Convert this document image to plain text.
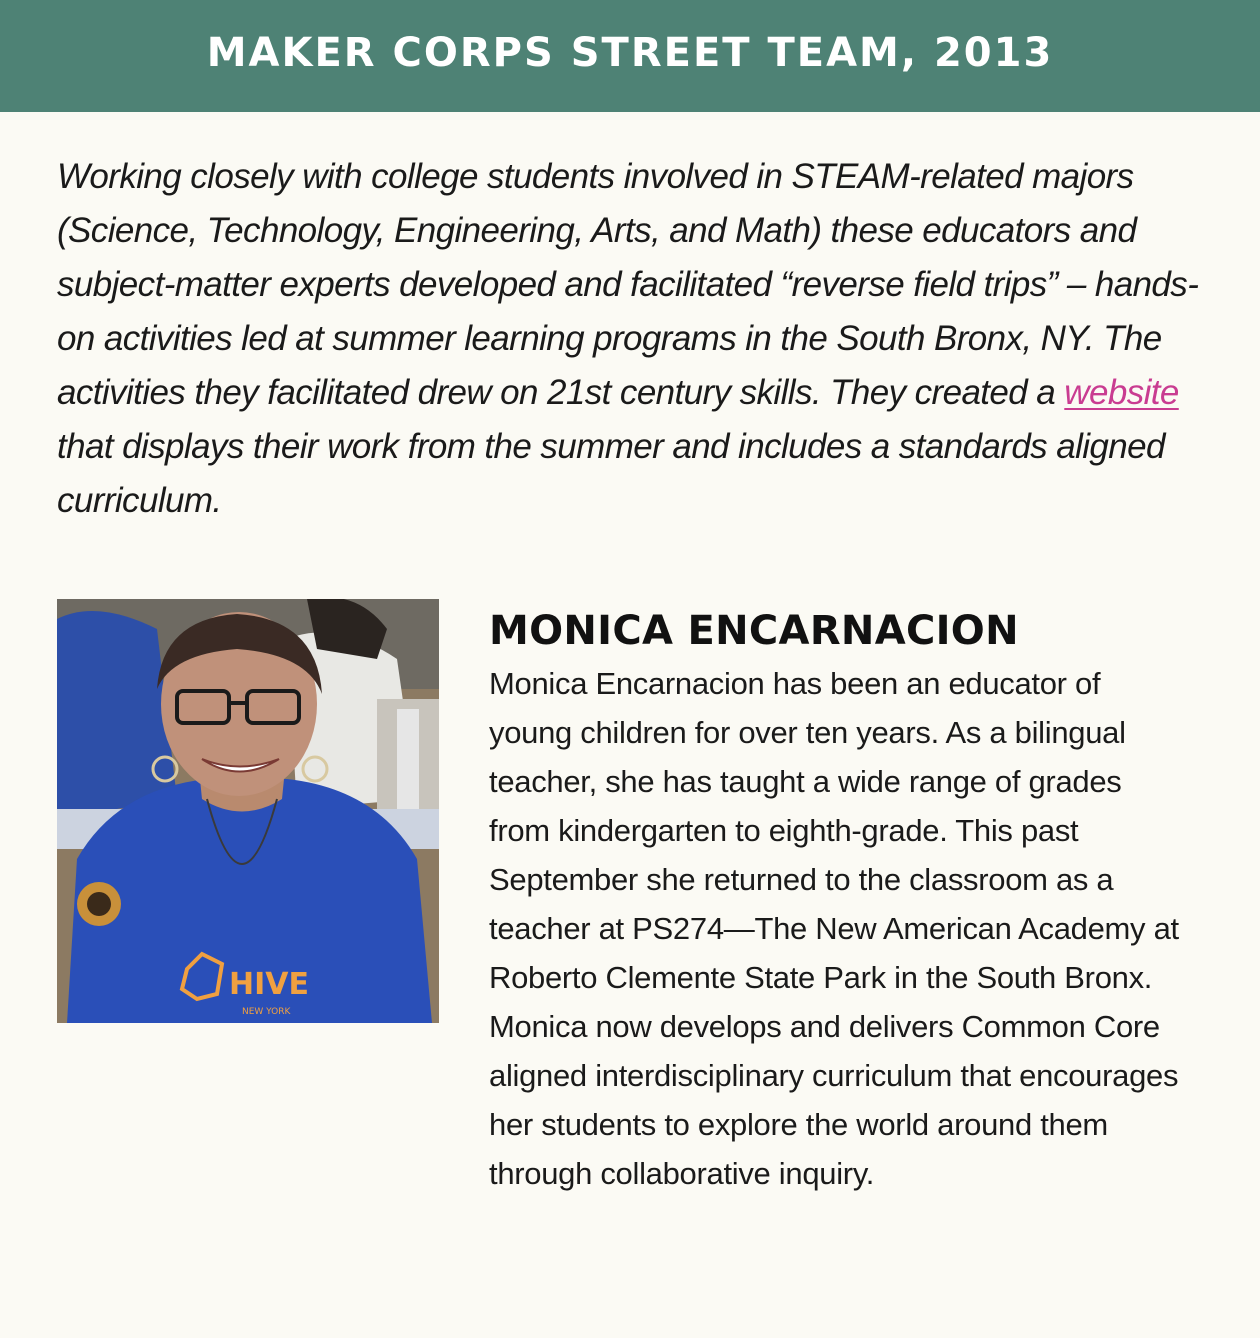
MAKER CORPS STREET TEAM, 2013
Working closely with college students involved in STEAM-related majors (Science, Technology, Engineering, Arts, and Math) these educators and subject-matter experts developed and facilitated “reverse field trips” – hands-on activities led at summer learning programs in the South Bronx, NY. The activities they facilitated drew on 21st century skills. They created a website that displays their work from the summer and includes a standards aligned curriculum.
HIVE
NEW YORK
MONICA ENCARNACION
Monica Encarnacion has been an educator of young children for over ten years. As a bilingual teacher, she has taught a wide range of grades from kindergarten to eighth-grade. This past September she returned to the classroom as a teacher at PS274—The New American Academy at Roberto Clemente State Park in the South Bronx. Monica now develops and delivers Common Core aligned interdisciplinary curriculum that encourages her students to explore the world around them through collaborative inquiry.
